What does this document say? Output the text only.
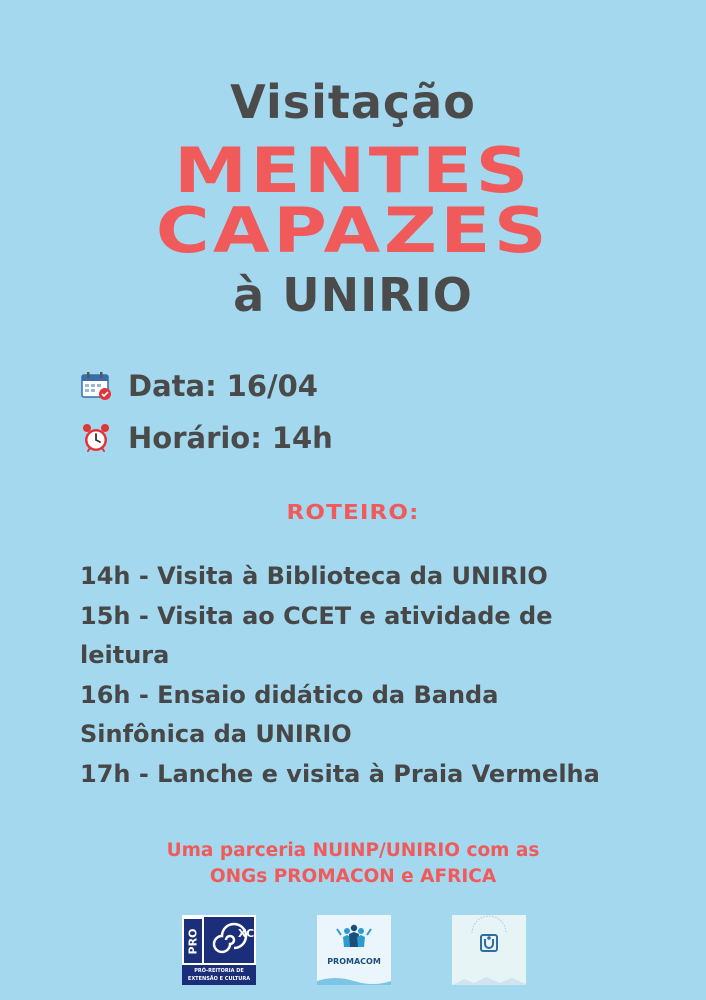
Visitação
MENTES
CAPAZES
à UNIRIO
Data: 16/04
Horário: 14h
ROTEIRO:
14h - Visita à Biblioteca da UNIRIO
15h - Visita ao CCET e atividade de
leitura
16h - Ensaio didático da Banda
Sinfônica da UNIRIO
17h - Lanche e visita à Praia Vermelha
Uma parceria NUINP/UNIRIO com as
ONGs PROMACON e AFRICA
PRO	XC
PRÓ-REITORIA DE
EXTENSÃO E CULTURA
PROMACOM
